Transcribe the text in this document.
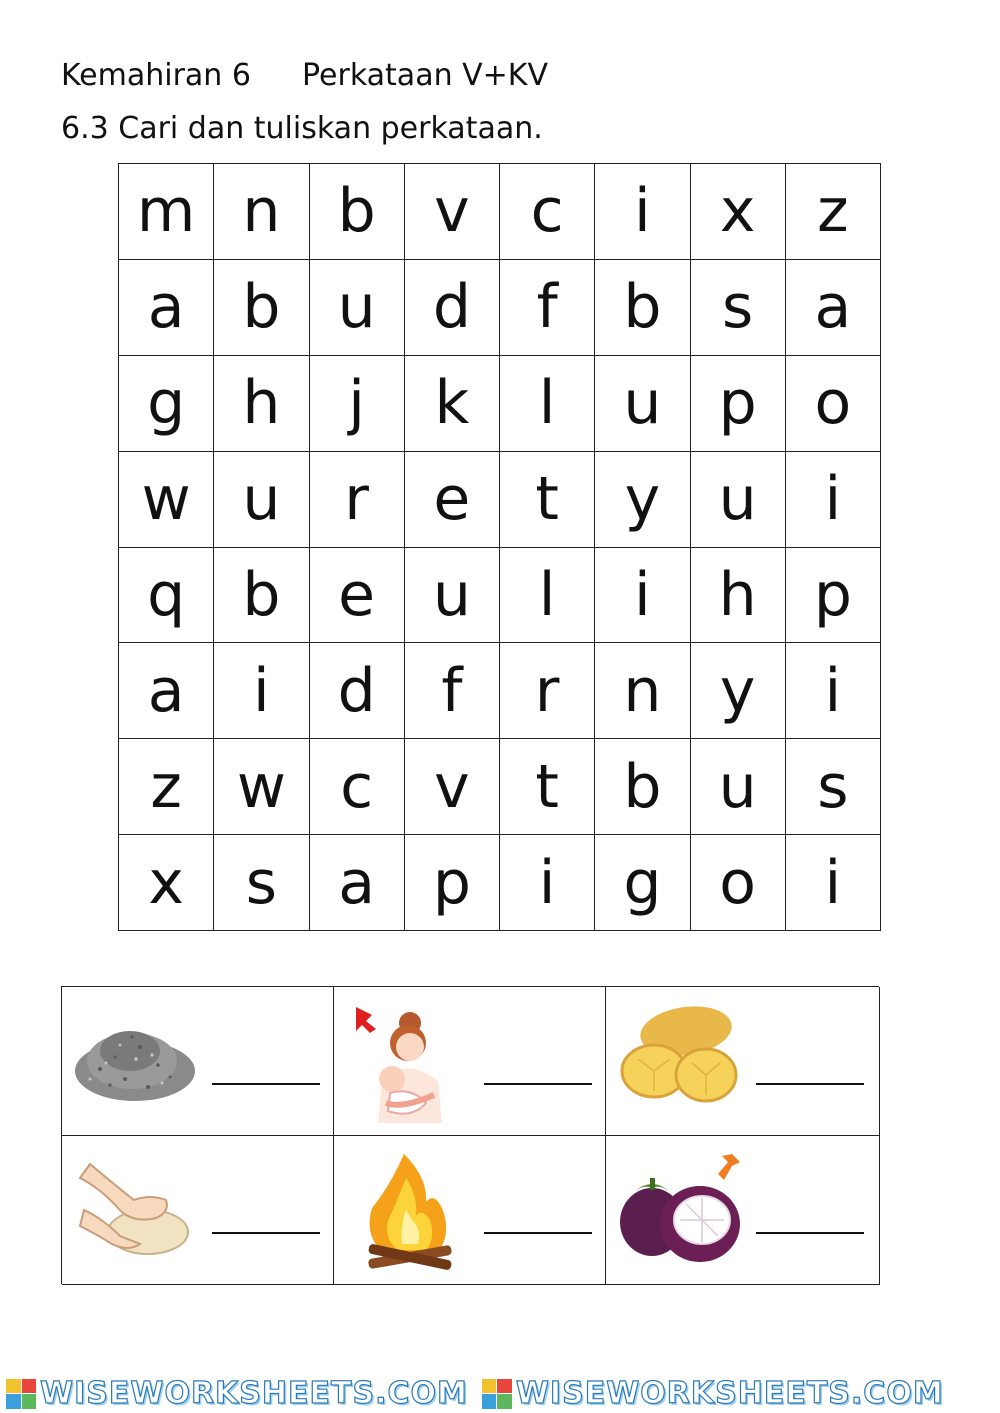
Kemahiran 6 Perkataan V+KV
6.3 Cari dan tuliskan perkataan.
m n b v	c	i	x	z
a b u d	f	b	s	a
g h	j	k	l	u p o
w u	r	e	t	y u	i
q b e u	l	i	h p
a	i	d	f	r	n y	i
z w c	v	t	b u	s
x	s	a p	i	g o	i
WISEWORKSHEETS.COM WISEWORKSHEETS.COM
